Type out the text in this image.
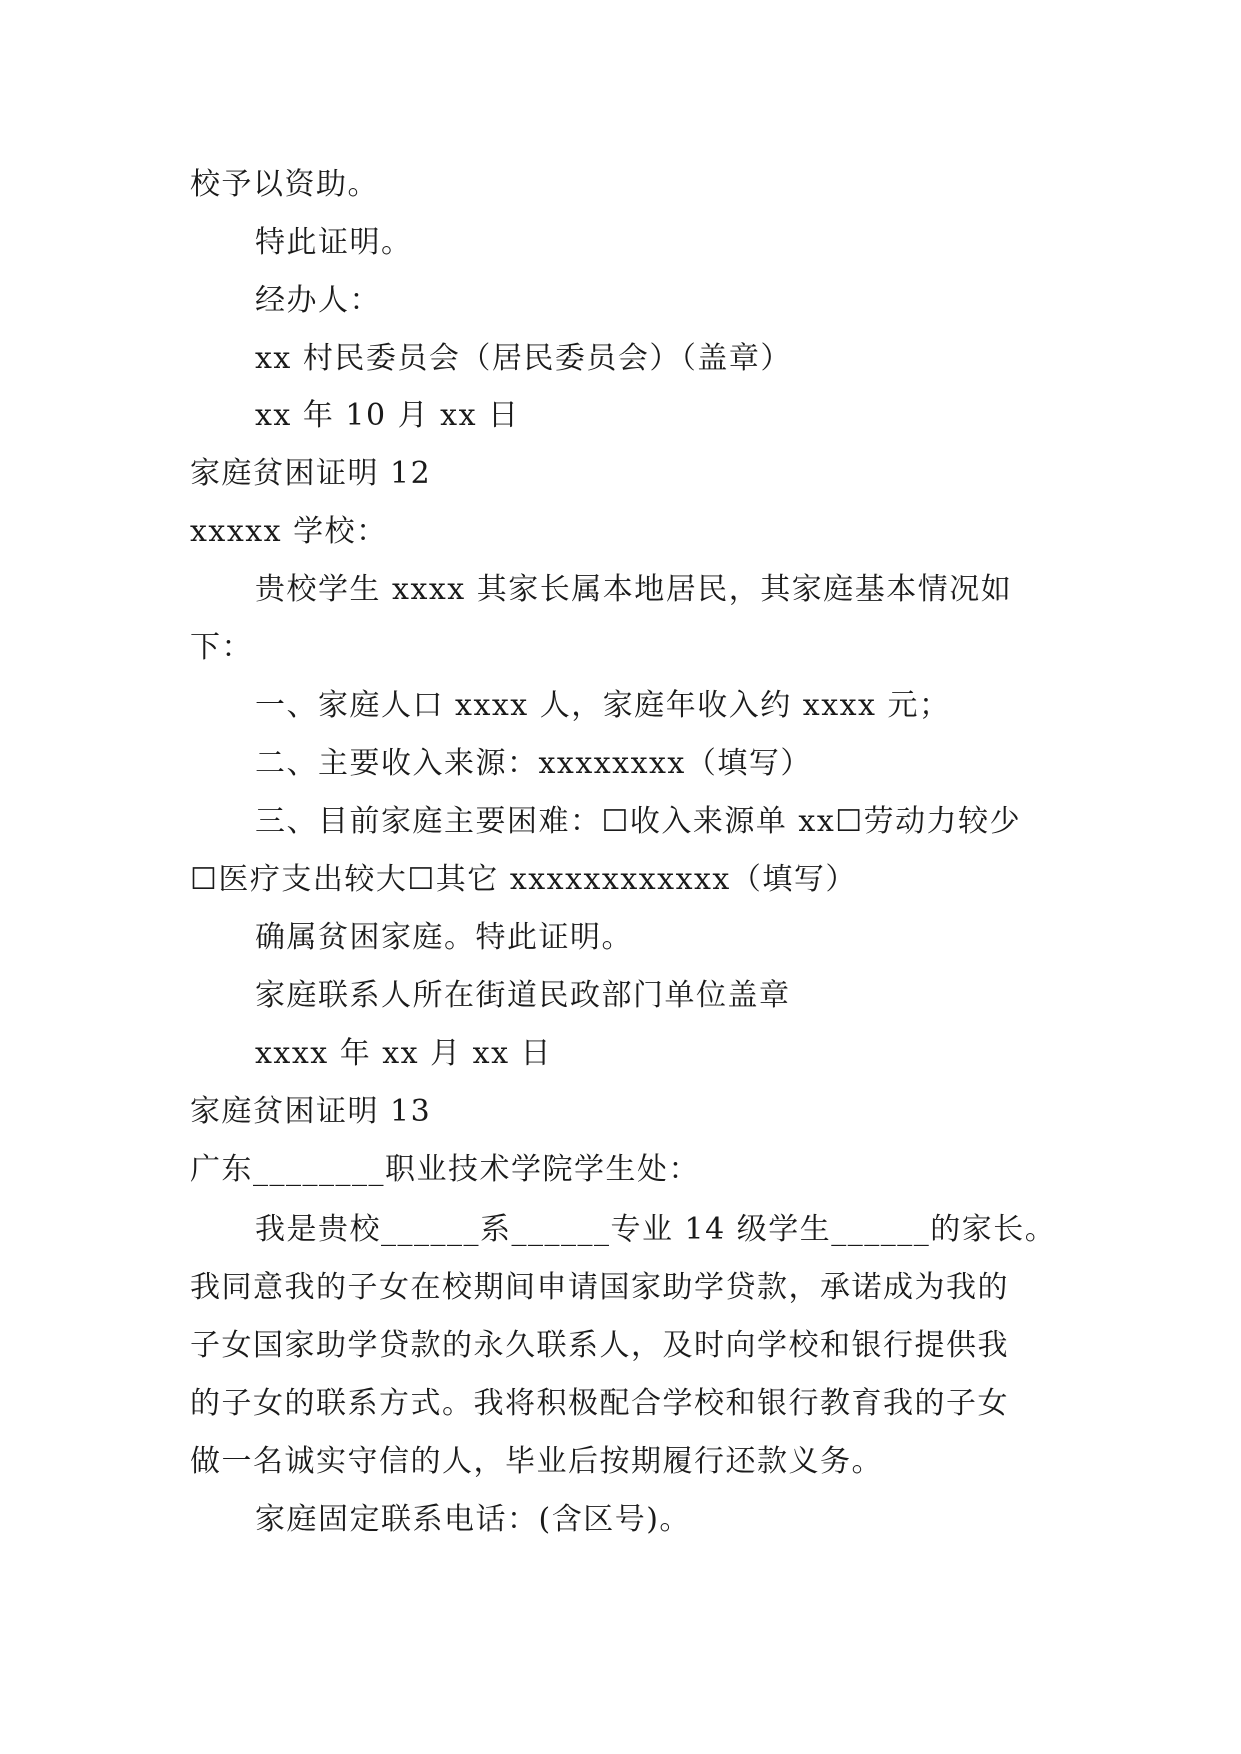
校予以资助。
特此证明。
经办人：
xx 村民委员会（居民委员会）（盖章）
xx 年 10 月 xx 日
家庭贫困证明 12
xxxxx 学校：
贵校学生 xxxx 其家长属本地居民，其家庭基本情况如
下：
一、家庭人口 xxxx 人，家庭年收入约 xxxx 元；
二、主要收入来源：xxxxxxxx（填写）
三、目前家庭主要困难：☐收入来源单 xx☐劳动力较少
☐医疗支出较大☐其它 xxxxxxxxxxxx（填写）
确属贫困家庭。特此证明。
家庭联系人所在街道民政部门单位盖章
xxxx 年 xx 月 xx 日
家庭贫困证明 13
广东________职业技术学院学生处：
我是贵校______系______专业 14 级学生______的家长。
我同意我的子女在校期间申请国家助学贷款，承诺成为我的
子女国家助学贷款的永久联系人，及时向学校和银行提供我
的子女的联系方式。我将积极配合学校和银行教育我的子女
做一名诚实守信的人，毕业后按期履行还款义务。
家庭固定联系电话：(含区号)。
